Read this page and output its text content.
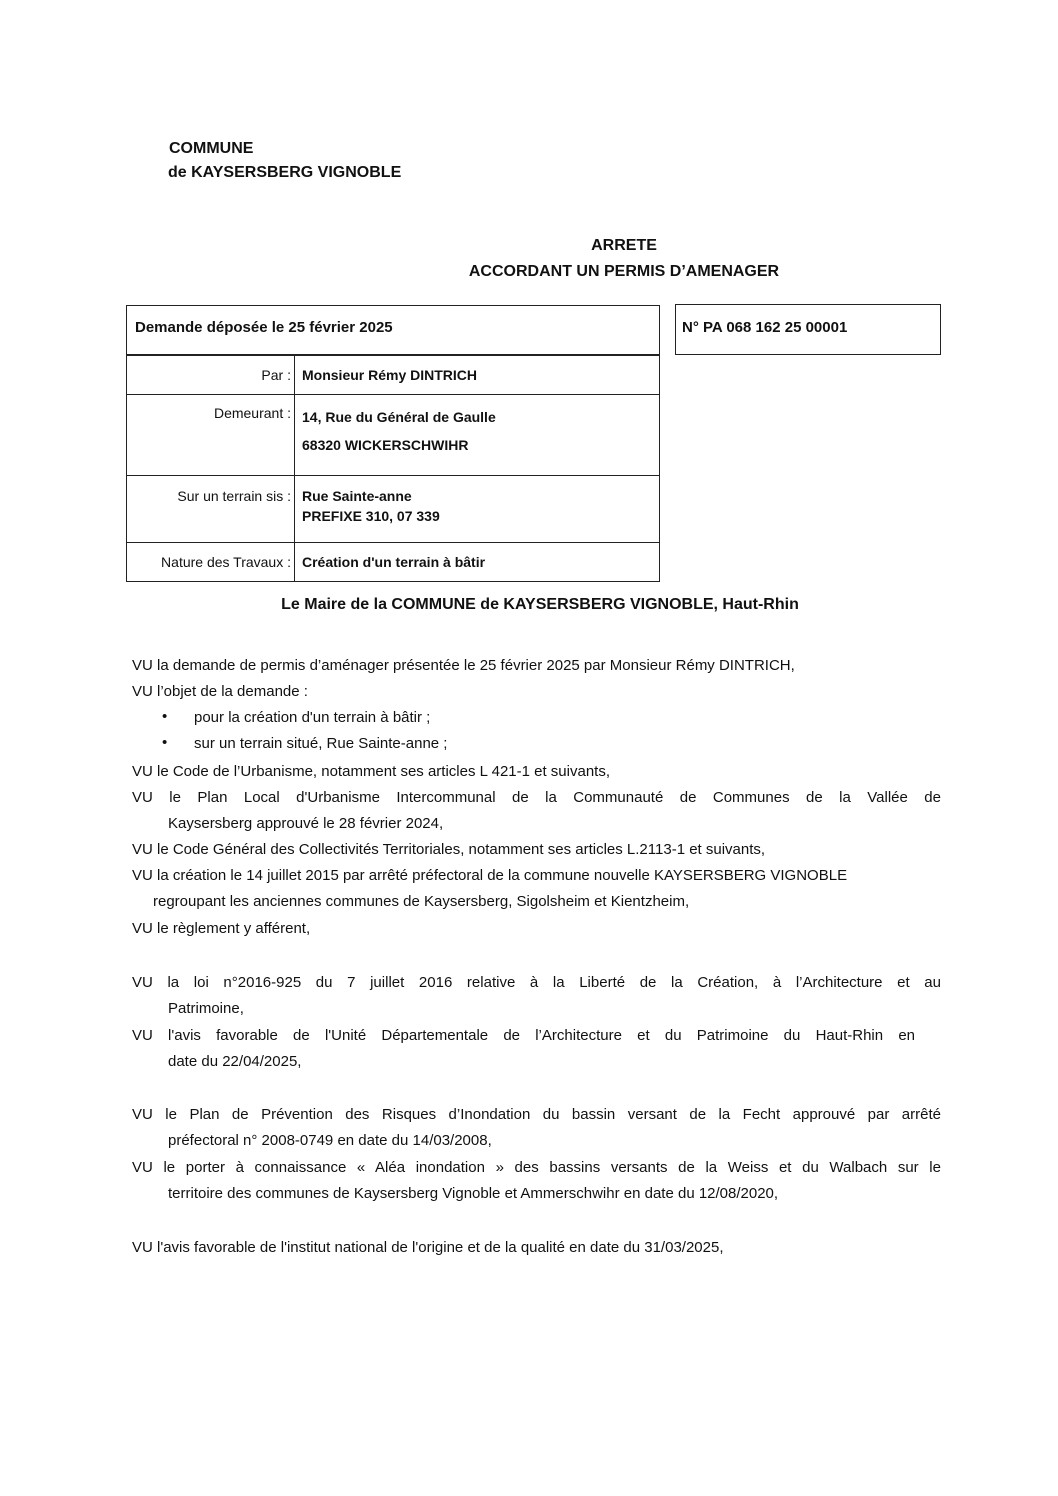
COMMUNE
de KAYSERSBERG VIGNOBLE
ARRETE
ACCORDANT UN PERMIS D’AMENAGER
Demande déposée le 25 février 2025	N° PA 068 162 25 00001
Par :	Monsieur Rémy DINTRICH
Demeurant :	14, Rue du Général de Gaulle
68320 WICKERSCHWIHR

Sur un terrain sis :	Rue Sainte-anne
PREFIXE 310, 07 339

Nature des Travaux :	Création d'un terrain à bâtir
Le Maire de la COMMUNE de KAYSERSBERG VIGNOBLE, Haut-Rhin
VU la demande de permis d’aménager présentée le 25 février 2025 par Monsieur Rémy DINTRICH,
VU l’objet de la demande :
• pour la création d'un terrain à bâtir ;
• sur un terrain situé, Rue Sainte-anne ;
VU le Code de l’Urbanisme, notamment ses articles L 421-1 et suivants,
VU le Plan Local d'Urbanisme Intercommunal de la Communauté de Communes de la Vallée de
Kaysersberg approuvé le 28 février 2024,
VU le Code Général des Collectivités Territoriales, notamment ses articles L.2113-1 et suivants,
VU la création le 14 juillet 2015 par arrêté préfectoral de la commune nouvelle KAYSERSBERG VIGNOBLE
regroupant les anciennes communes de Kaysersberg, Sigolsheim et Kientzheim,
VU le règlement y afférent,
VU la loi n°2016-925 du 7 juillet 2016 relative à la Liberté de la Création, à l’Architecture et au
Patrimoine,
VU l'avis favorable de l'Unité Départementale de l’Architecture et du Patrimoine du Haut-Rhin en
date du 22/04/2025,
VU le Plan de Prévention des Risques d’Inondation du bassin versant de la Fecht approuvé par arrêté
préfectoral n° 2008-0749 en date du 14/03/2008,
VU le porter à connaissance « Aléa inondation » des bassins versants de la Weiss et du Walbach sur le
territoire des communes de Kaysersberg Vignoble et Ammerschwihr en date du 12/08/2020,
VU l'avis favorable de l'institut national de l'origine et de la qualité en date du 31/03/2025,
